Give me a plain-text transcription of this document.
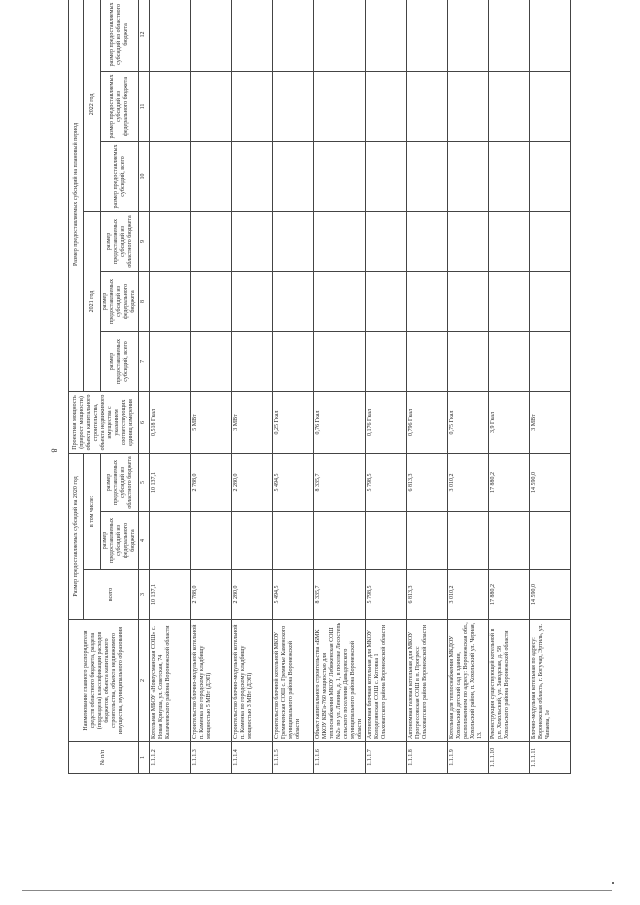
8
№ п/п	Наименование главного распорядителя средств областного бюджета, раздела (подраздела) классификации расходов бюджетов, объекта капитального строительства, объекта недвижимого имущества, муниципального образования	Размер предоставляемых субсидий на 2020 год			Проектная мощность (прирост мощности) объекта капитального строительства, объекта недвижимого имущества с указанием соответствующих единиц измерения	Размер предоставляемых субсидий на плановый период					
		всего	в том числе:			2021 год			2022 год		
			размер предоставляемых субсидий из федерального бюджета	размер предоставляемых субсидий из областного бюджета		размер предоставляемых субсидий, всего	размер предоставляемых субсидий из федерального бюджета	размер предоставляемых субсидий из областного бюджета	размер предоставляемых субсидий, всего	размер предоставляемых субсидий из федерального бюджета	размер предоставляемых субсидий из областного бюджета

1	2	3	4	5	6	7	8	9	10	11	12
1.1.1.2	Котельная МБОУ «Новоусманская СОШ» с. Новая Криуша, ул. Советская, 74 Калачеевского района Воронежской области	10 137,1		10 137,1	0,518 Гкал						
1.1.1.3	Строительство блочно-модульной котельной п. Каменка по городскому кладбищу мощностью 5 МВт (ДЭП)	2 788,0		2 788,0	5 МВт						
1.1.1.4	Строительство блочно-модульной котельной п. Каменка по городскому кладбищу мощностью 3 МВт (ДЭП)	2 280,0		2 280,0	3 МВт						
1.1.1.5	Строительство блочной котельной МКОУ Гремяченская СОШ с. Гремячье Каменского муниципального района Воронежской области	5 494,5		5 494,5	0,25 Гкал						
1.1.1.6	Объект капитального строительства «БМК МКОУ КВГа-760 мощностью для теплоснабжения МКОУ Лебяженская СОШ №2» по ул. Ленина, д. 1, в поселке Лесостепь сельского поселения Давыдовского муниципального района Воронежской области	8 335,7		8 335,7	0,76 Гкал						
1.1.1.7	Автономная блочная котельная для МКОУ Колодезянская СОШ с. Котовка 1 Ольховатского района Воронежской области	5 798,5		5 798,5	0,176 Гкал						
1.1.1.8	Автономная газовая котельная для МКОУ Прогрессовская СОШ в п. Прогресс Ольховатского района Воронежской области	6 813,3		6 813,3	0,796 Гкал						
1.1.1.9	Котельная для теплоснабжения МКДОУ Хохольский детский сад в здании, расположенном по адресу: Воронежская обл., Хохольский район, п. Хохольский ул. Черная, 13.	3 010,2		3 010,2	0,75 Гкал						
1.1.1.10	Реконструкция существующей котельной в р.п. Хохольский, ул. Заводская, д. 58 Хохольского района Воронежской области	17 880,2		17 880,2	3,9 Гкал						
1.1.1.11	Блочно-модульная котельная по адресу: Воронежская область, г. Богучар, Эртиль, ул. Чапаева, 1е	14 590,0		14 590,0	3 МВт						
